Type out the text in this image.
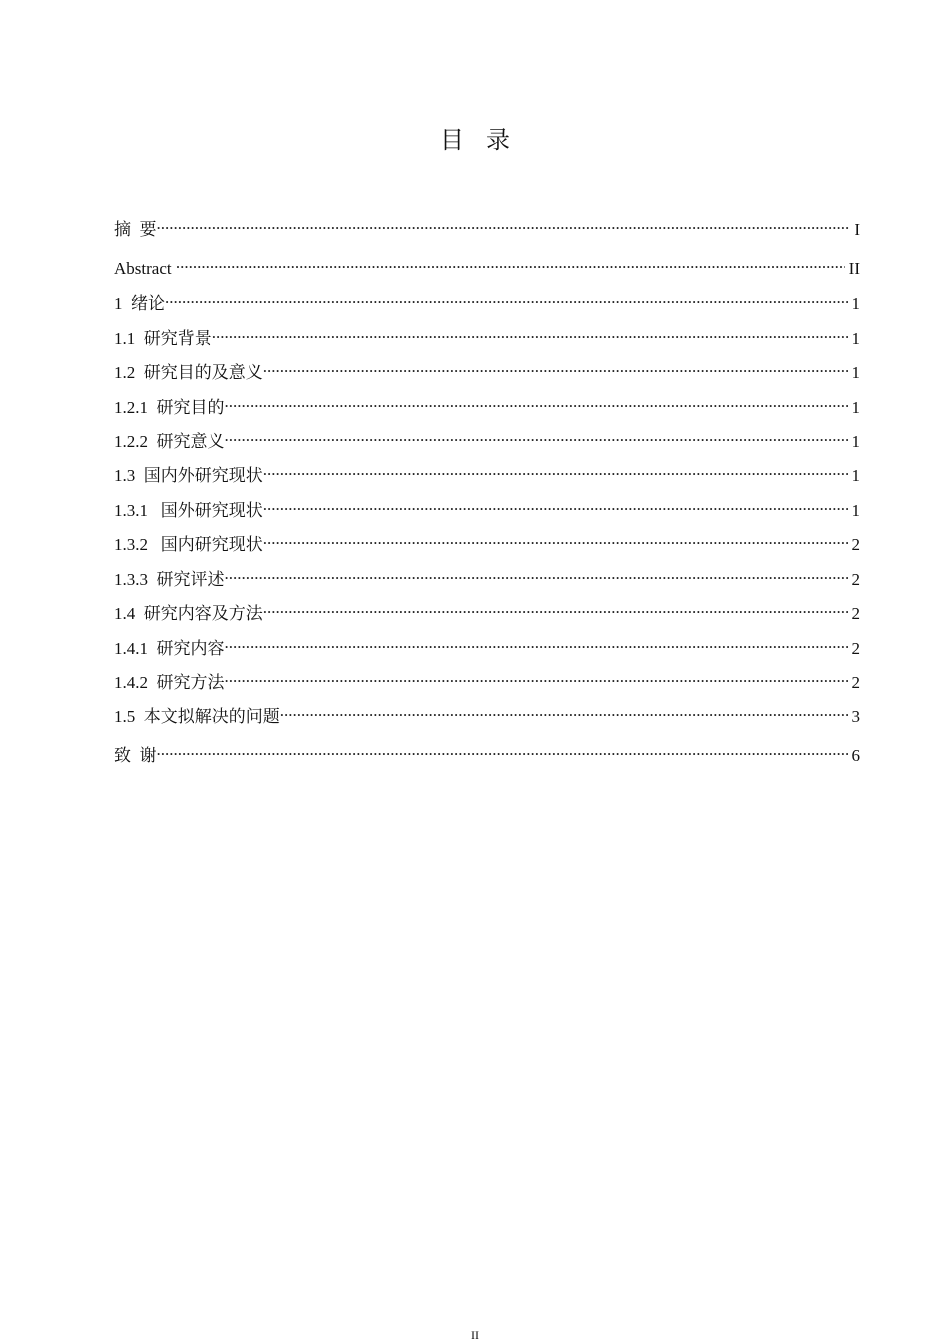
目录
摘  要 .....	I
Abstract .....	II
1 绪论 .....	1
1.1 研究背景 .....	1
1.2 研究目的及意义 .....	1
1.2.1 研究目的 .....	1
1.2.2 研究意义 .....	1
1.3 国内外研究现状 .....	1
1.3.1 国外研究现状 .....	1
1.3.2 国内研究现状 .....	2
1.3.3 研究评述 .....	2
1.4 研究内容及方法 .....	2
1.4.1 研究内容 .....	2
1.4.2 研究方法 .....	2
1.5 本文拟解决的问题 .....	3
致  谢 .....	6
II
